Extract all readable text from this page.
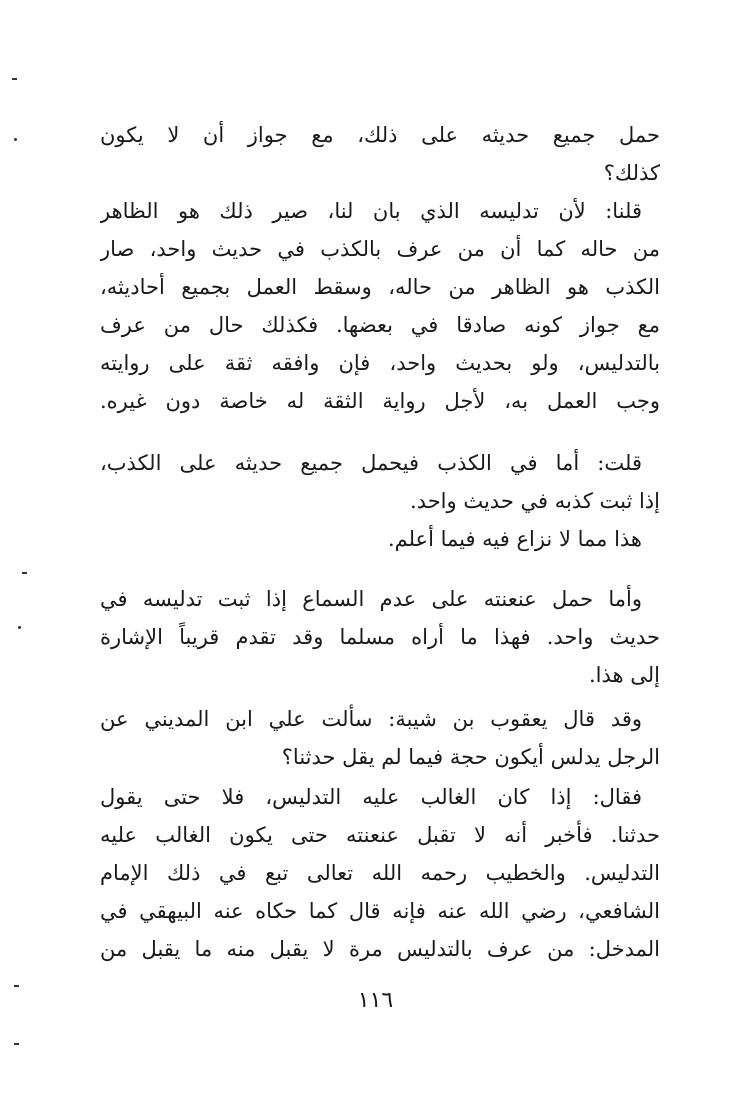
حمل جميع حديثه على ذلك، مع جواز أن لا يكون
كذلك؟
قلنا: لأن تدليسه الذي بان لنا، صير ذلك هو الظاهر
من حاله كما أن من عرف بالكذب في حديث واحد، صار
الكذب هو الظاهر من حاله، وسقط العمل بجميع أحاديثه،
مع جواز كونه صادقا في بعضها. فكذلك حال من عرف
بالتدليس، ولو بحديث واحد، فإن وافقه ثقة على روايته
وجب العمل به، لأجل رواية الثقة له خاصة دون غيره.
قلت: أما في الكذب فيحمل جميع حديثه على الكذب،
إذا ثبت كذبه في حديث واحد.
هذا مما لا نزاع فيه فيما أعلم.
وأما حمل عنعنته على عدم السماع إذا ثبت تدليسه في
حديث واحد. فهذا ما أراه مسلما وقد تقدم قريباً الإشارة
إلى هذا.
وقد قال يعقوب بن شيبة: سألت علي ابن المديني عن
الرجل يدلس أيكون حجة فيما لم يقل حدثنا؟
فقال: إذا كان الغالب عليه التدليس، فلا حتى يقول
حدثنا. فأخبر أنه لا تقبل عنعنته حتى يكون الغالب عليه
التدليس. والخطيب رحمه الله تعالى تبع في ذلك الإمام
الشافعي، رضي الله عنه فإنه قال كما حكاه عنه البيهقي في
المدخل: من عرف بالتدليس مرة لا يقبل منه ما يقبل من
١١٦
